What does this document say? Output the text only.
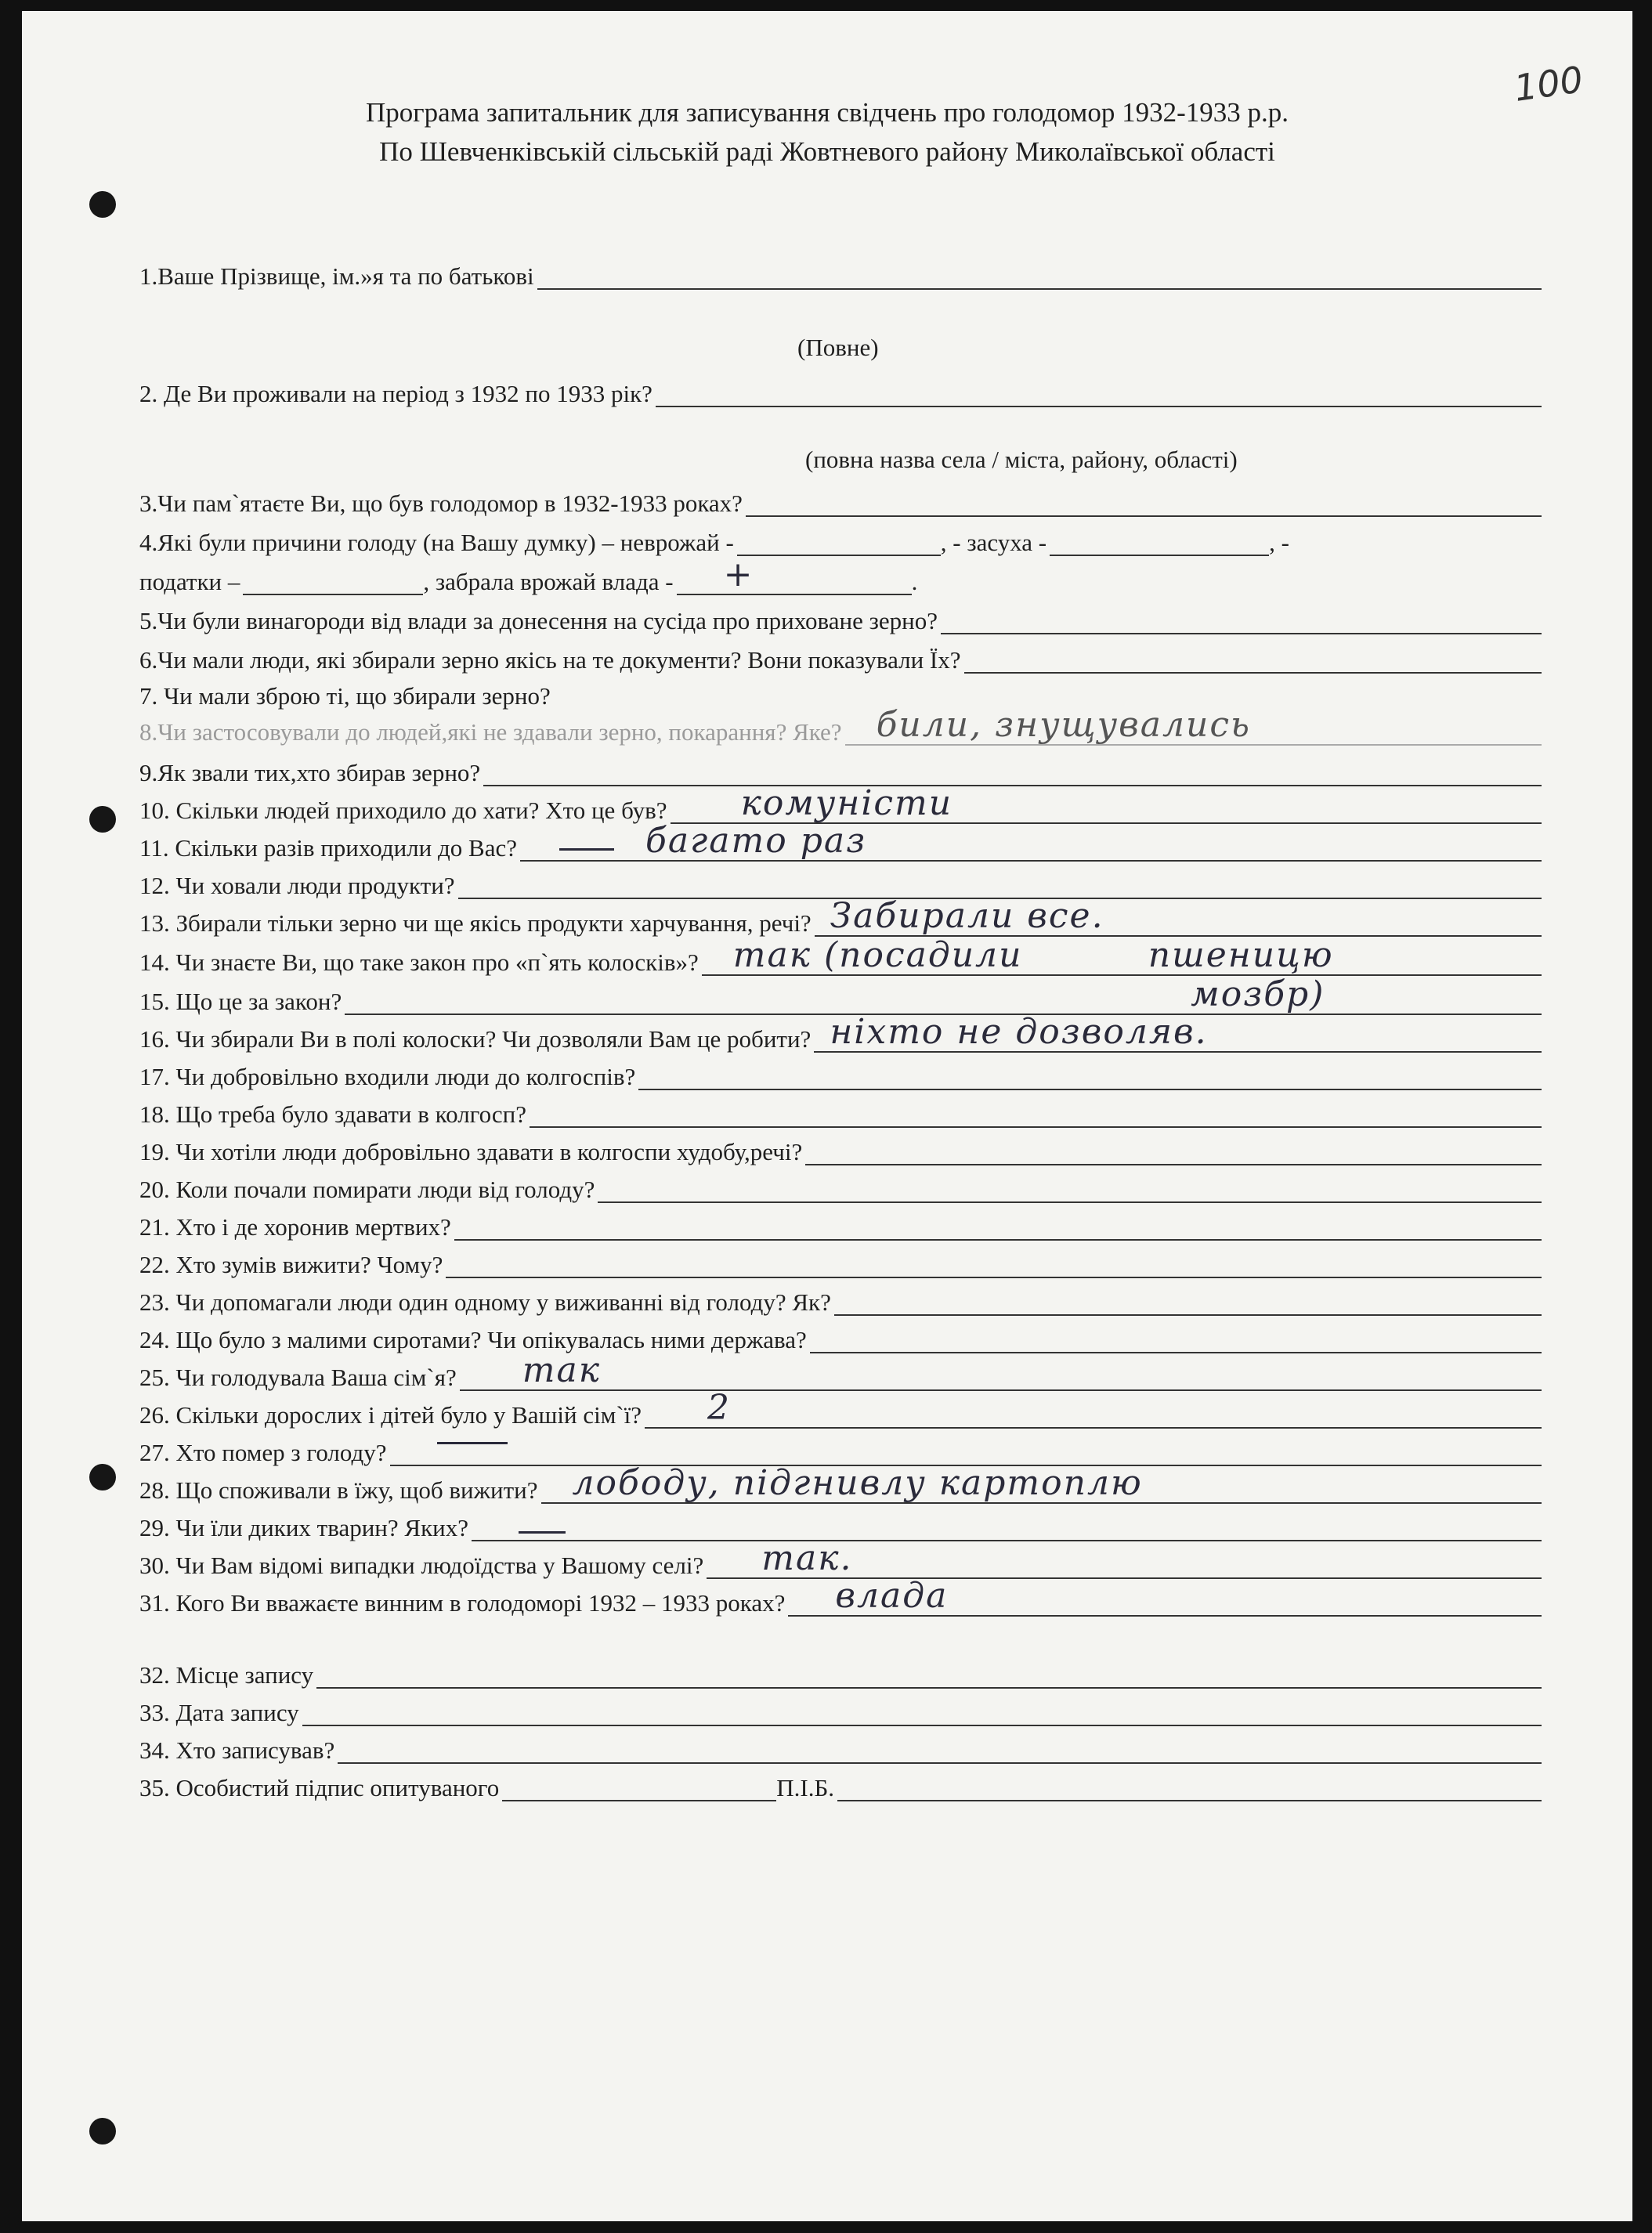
100
Програма запитальник для записування свідчень про голодомор 1932-1933 р.р.
По Шевченківській сільській раді Жовтневого району Миколаївської області
1.Ваше Прізвище, ім.»я та по батькові
(Повне)
2. Де Ви проживали на період з 1932 по 1933 рік?
(повна назва села / міста, району, області)
3.Чи пам`ятаєте Ви, що був голодомор в 1932-1933 роках?
4.Які були причини голоду (на Вашу думку) – неврожай -	, - засуха -	, -
податки –	, забрала врожай влада - +	.
5.Чи були винагороди від влади за донесення на сусіда про приховане зерно?
6.Чи мали люди, які збирали зерно якісь на те документи? Вони показували Їх?
7. Чи мали зброю ті, що збирали зерно?
8.Чи застосовували до людей,які не здавали зерно, покарання? Яке? били, знущувались
9.Як звали тих,хто збирав зерно?
10. Скільки людей приходило до хати? Хто це був? комуністи
11. Скільки разів приходили до Вас?	багато раз
12. Чи ховали люди продукти?
13. Збирали тільки зерно чи ще якісь продукти харчування, речі? Забирали все.
14. Чи знаєте Ви, що таке закон про «п`ять колосків»? так (посадили	пшеницю
15. Що це за закон?	мозбр)
16. Чи збирали Ви в полі колоски? Чи дозволяли Вам це робити? ніхто не дозволяв.
17. Чи добровільно входили люди до колгоспів?
18. Що треба було здавати в колгосп?
19. Чи хотіли люди добровільно здавати в колгоспи худобу,речі?
20. Коли почали помирати люди від голоду?
21. Хто і де хоронив мертвих?
22. Хто зумів вижити? Чому?
23. Чи допомагали люди один одному у виживанні від голоду? Як?
24. Що було з малими сиротами? Чи опікувалась ними держава?
25. Чи голодувала Ваша сім`я? так
26. Скільки дорослих і дітей було у Вашій сім`ї? 2
27. Хто помер з голоду?
28. Що споживали в їжу, щоб вижити? лободу, підгнивлу картоплю
29. Чи їли диких тварин? Яких?
30. Чи Вам відомі випадки людоїдства у Вашому селі? так.
31. Кого Ви вважаєте винним в голодоморі 1932 – 1933 роках? влада
32. Місце запису
33. Дата запису
34. Хто записував?
35. Особистий підпис опитуваного	П.І.Б.
